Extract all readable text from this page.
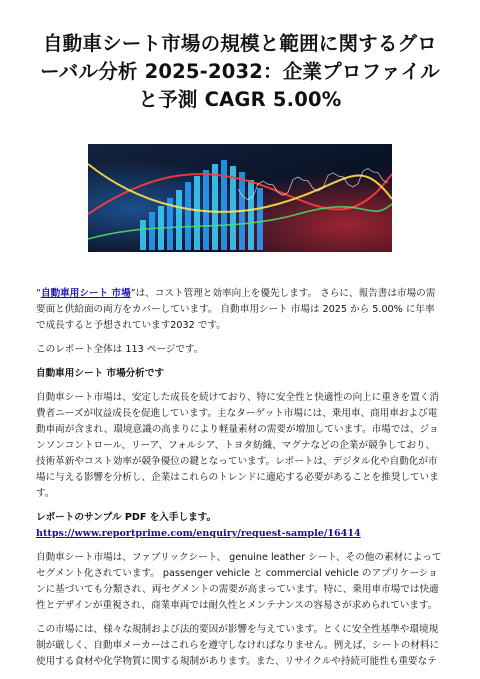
自動車シート市場の規模と範囲に関するグローバル分析 2025-2032：企業プロファイルと予測 CAGR 5.00%

“自動車用シート 市場”は、コスト管理と効率向上を優先します。 さらに、報告書は市場の需要面と供給面の両方をカバーしています。 自動車用シート 市場は 2025 から 5.00% に年率で成長すると予想されています2032 です。

このレポート全体は 113 ページです。

自動車用シート 市場分析です

自動車シート市場は、安定した成長を続けており、特に安全性と快適性の向上に重きを置く消費者ニーズが収益成長を促進しています。主なターゲット市場には、乗用車、商用車および電動車両が含まれ、環境意識の高まりにより軽量素材の需要が増加しています。市場では、ジョンソンコントロール、リーア、フォルシア、トヨタ紡織、マグナなどの企業が競争しており、技術革新やコスト効率が競争優位の鍵となっています。レポートは、デジタル化や自動化が市場に与える影響を分析し、企業はこれらのトレンドに適応する必要があることを推奨しています。

レポートのサンプル PDF を入手します。 https://www.reportprime.com/enquiry/request-sample/16414

自動車シート市場は、ファブリックシート、 genuine leather シート、その他の素材によってセグメント化されています。 passenger vehicle と commercial vehicle のアプリケーションに基づいても分類され、両セグメントの需要が高まっています。特に、乗用車市場では快適性とデザインが重視され、商業車両では耐久性とメンテナンスの容易さが求められています。

この市場には、様々な規制および法的要因が影響を与えています。とくに安全性基準や環境規制が厳しく、自動車メーカーはこれらを遵守しなければなりません。例えば、シートの材料に使用する食材や化学物質に関する規制があります。また、リサイクルや持続可能性も重要なテ
